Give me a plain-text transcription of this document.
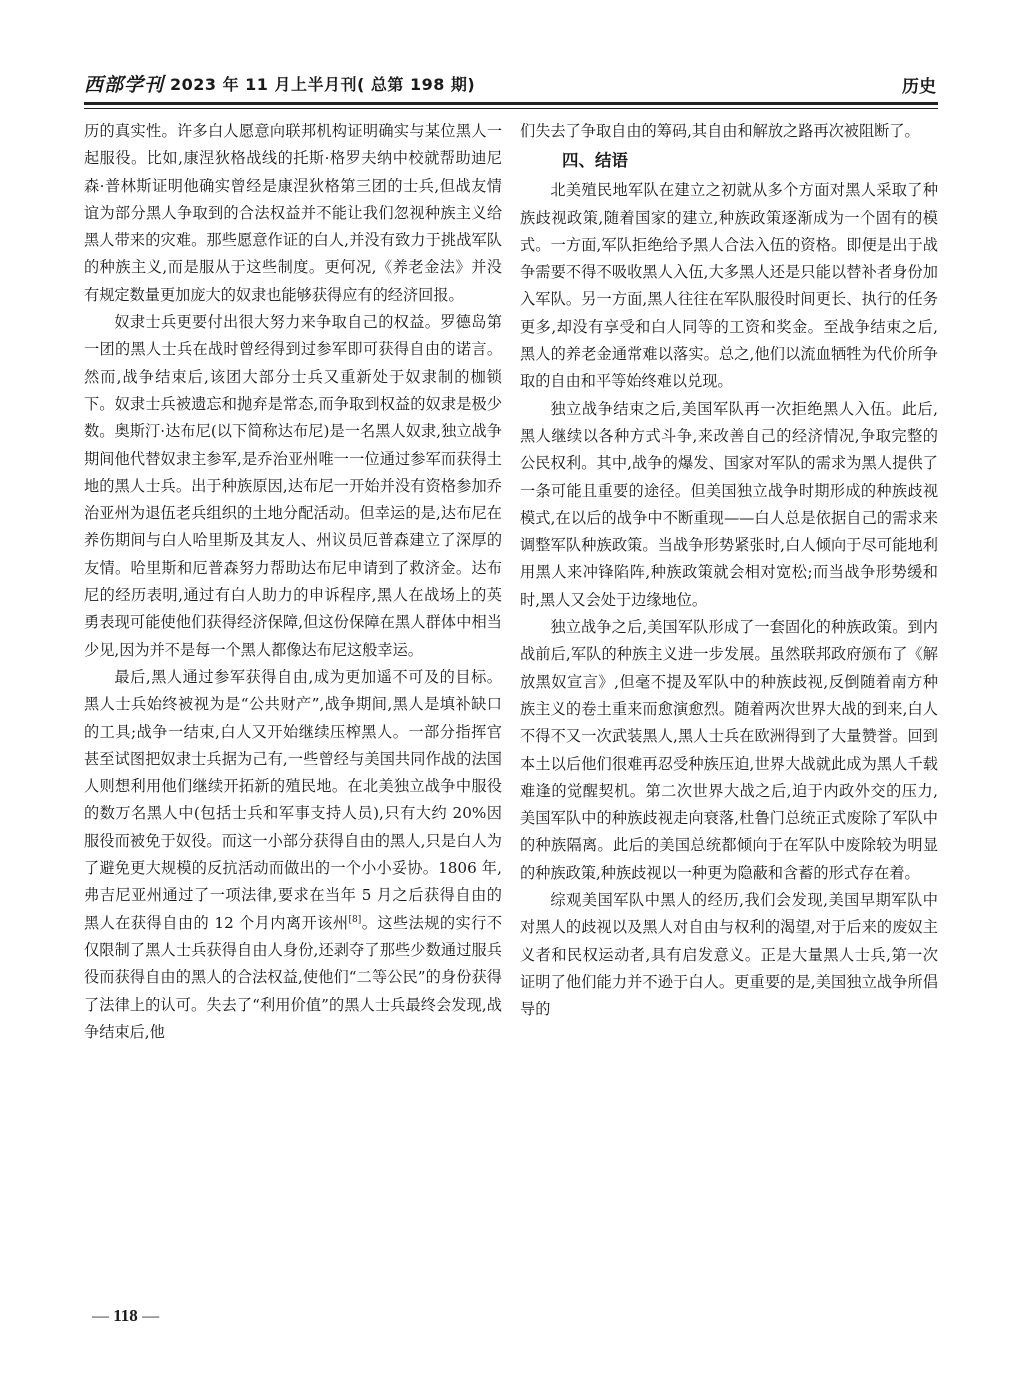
西部学刊 2023 年 11 月上半月刊( 总第 198 期)	历史

历的真实性。许多白人愿意向联邦机构证明确实与某位黑人一起服役。比如,康涅狄格战线的托斯·格罗夫纳中校就帮助迪尼森·普林斯证明他确实曾经是康涅狄格第三团的士兵,但战友情谊为部分黑人争取到的合法权益并不能让我们忽视种族主义给黑人带来的灾难。那些愿意作证的白人,并没有致力于挑战军队的种族主义,而是服从于这些制度。更何况,《养老金法》并没有规定数量更加庞大的奴隶也能够获得应有的经济回报。

奴隶士兵更要付出很大努力来争取自己的权益。罗德岛第一团的黑人士兵在战时曾经得到过参军即可获得自由的诺言。然而,战争结束后,该团大部分士兵又重新处于奴隶制的枷锁下。奴隶士兵被遗忘和抛弃是常态,而争取到权益的奴隶是极少数。奥斯汀·达布尼(以下简称达布尼)是一名黑人奴隶,独立战争期间他代替奴隶主参军,是乔治亚州唯一一位通过参军而获得土地的黑人士兵。出于种族原因,达布尼一开始并没有资格参加乔治亚州为退伍老兵组织的土地分配活动。但幸运的是,达布尼在养伤期间与白人哈里斯及其友人、州议员厄普森建立了深厚的友情。哈里斯和厄普森努力帮助达布尼申请到了救济金。达布尼的经历表明,通过有白人助力的申诉程序,黑人在战场上的英勇表现可能使他们获得经济保障,但这份保障在黑人群体中相当少见,因为并不是每一个黑人都像达布尼这般幸运。

最后,黑人通过参军获得自由,成为更加遥不可及的目标。黑人士兵始终被视为是“公共财产”,战争期间,黑人是填补缺口的工具;战争一结束,白人又开始继续压榨黑人。一部分指挥官甚至试图把奴隶士兵据为己有,一些曾经与美国共同作战的法国人则想利用他们继续开拓新的殖民地。在北美独立战争中服役的数万名黑人中(包括士兵和军事支持人员),只有大约 20%因服役而被免于奴役。而这一小部分获得自由的黑人,只是白人为了避免更大规模的反抗活动而做出的一个小小妥协。1806 年,弗吉尼亚州通过了一项法律,要求在当年 5 月之后获得自由的黑人在获得自由的 12 个月内离开该州[8]。这些法规的实行不仅限制了黑人士兵获得自由人身份,还剥夺了那些少数通过服兵役而获得自由的黑人的合法权益,使他们“二等公民”的身份获得了法律上的认可。失去了“利用价值”的黑人士兵最终会发现,战争结束后,他

们失去了争取自由的筹码,其自由和解放之路再次被阻断了。

四、结语

北美殖民地军队在建立之初就从多个方面对黑人采取了种族歧视政策,随着国家的建立,种族政策逐渐成为一个固有的模式。一方面,军队拒绝给予黑人合法入伍的资格。即便是出于战争需要不得不吸收黑人入伍,大多黑人还是只能以替补者身份加入军队。另一方面,黑人往往在军队服役时间更长、执行的任务更多,却没有享受和白人同等的工资和奖金。至战争结束之后,黑人的养老金通常难以落实。总之,他们以流血牺牲为代价所争取的自由和平等始终难以兑现。

独立战争结束之后,美国军队再一次拒绝黑人入伍。此后,黑人继续以各种方式斗争,来改善自己的经济情况,争取完整的公民权利。其中,战争的爆发、国家对军队的需求为黑人提供了一条可能且重要的途径。但美国独立战争时期形成的种族歧视模式,在以后的战争中不断重现——白人总是依据自己的需求来调整军队种族政策。当战争形势紧张时,白人倾向于尽可能地利用黑人来冲锋陷阵,种族政策就会相对宽松;而当战争形势缓和时,黑人又会处于边缘地位。

独立战争之后,美国军队形成了一套固化的种族政策。到内战前后,军队的种族主义进一步发展。虽然联邦政府颁布了《解放黑奴宣言》,但毫不提及军队中的种族歧视,反倒随着南方种族主义的卷土重来而愈演愈烈。随着两次世界大战的到来,白人不得不又一次武装黑人,黑人士兵在欧洲得到了大量赞誉。回到本土以后他们很难再忍受种族压迫,世界大战就此成为黑人千载难逢的觉醒契机。第二次世界大战之后,迫于内政外交的压力,美国军队中的种族歧视走向衰落,杜鲁门总统正式废除了军队中的种族隔离。此后的美国总统都倾向于在军队中废除较为明显的种族政策,种族歧视以一种更为隐蔽和含蓄的形式存在着。

综观美国军队中黑人的经历,我们会发现,美国早期军队中对黑人的歧视以及黑人对自由与权利的渴望,对于后来的废奴主义者和民权运动者,具有启发意义。正是大量黑人士兵,第一次证明了他们能力并不逊于白人。更重要的是,美国独立战争所倡导的

— 118 —
